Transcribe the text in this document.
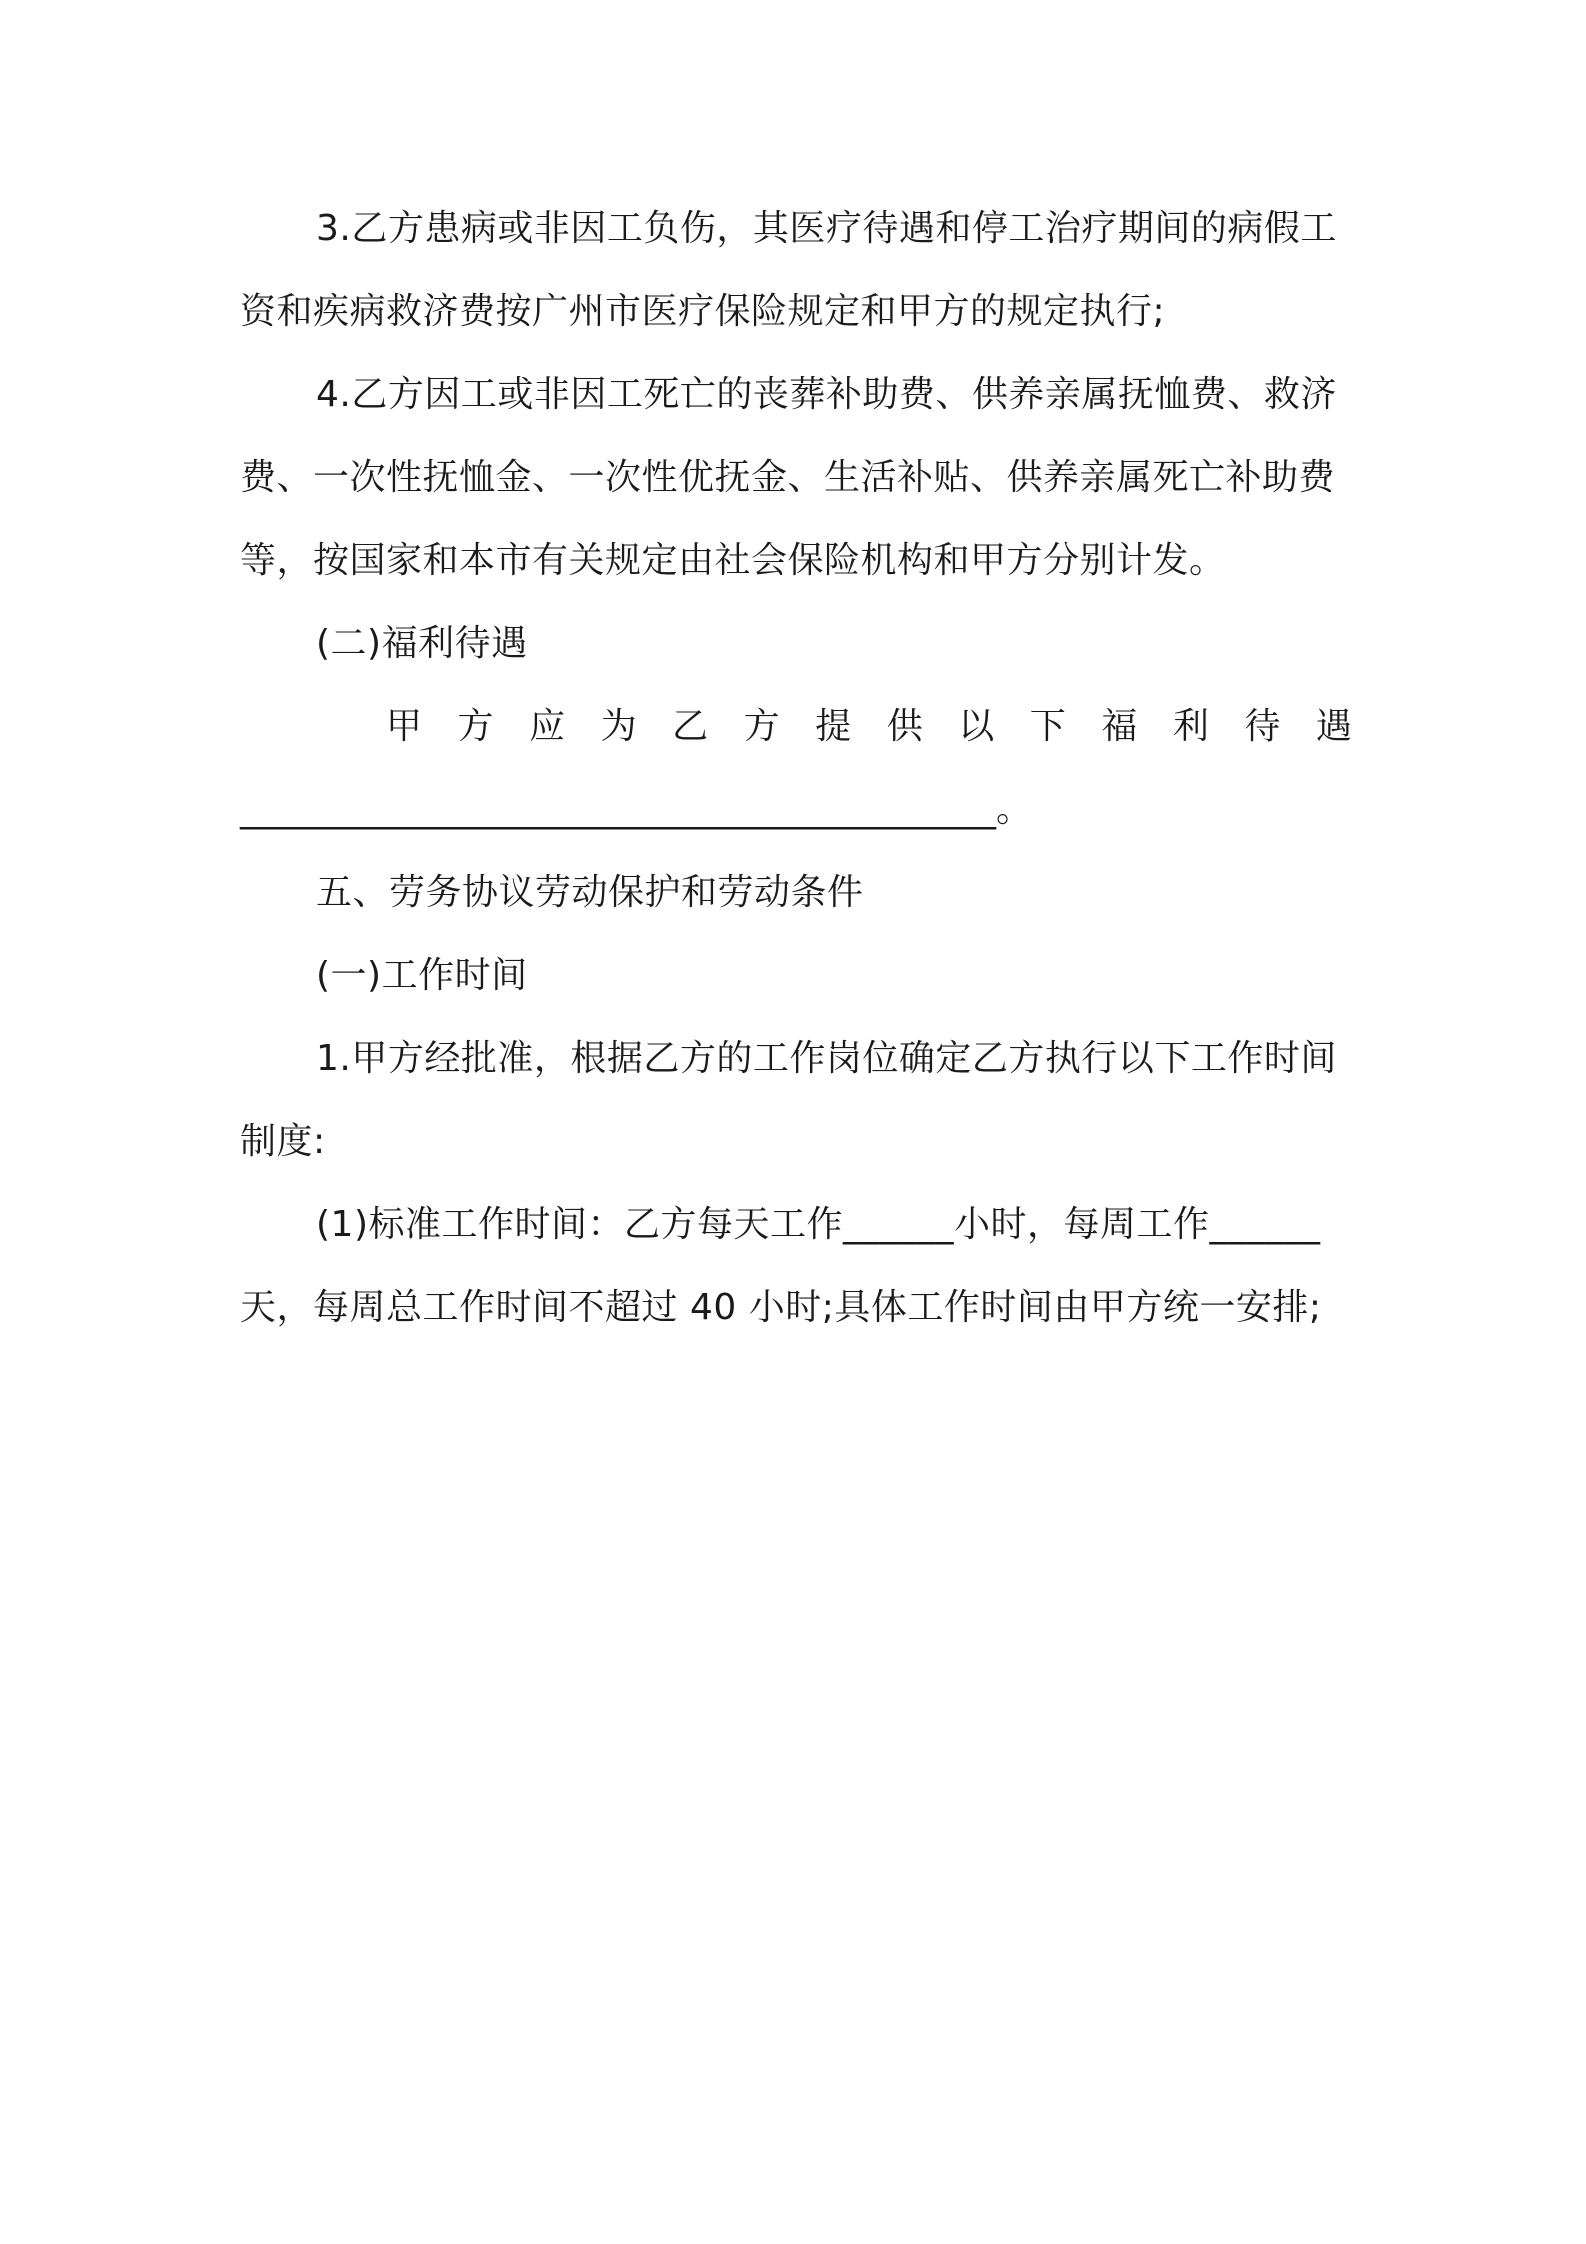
3.乙方患病或非因工负伤，其医疗待遇和停工治疗期间的病假工
资和疾病救济费按广州市医疗保险规定和甲方的规定执行;
4.乙方因工或非因工死亡的丧葬补助费、供养亲属抚恤费、救济
费、一次性抚恤金、一次性优抚金、生活补贴、供养亲属死亡补助费
等，按国家和本市有关规定由社会保险机构和甲方分别计发。
(二)福利待遇
甲 方 应 为 乙 方 提 供 以 下 福 利 待 遇
__________________________________________。
五、劳务协议劳动保护和劳动条件
(一)工作时间
1.甲方经批准，根据乙方的工作岗位确定乙方执行以下工作时间
制度:
(1)标准工作时间：乙方每天工作______小时，每周工作______
天，每周总工作时间不超过 40 小时;具体工作时间由甲方统一安排;
